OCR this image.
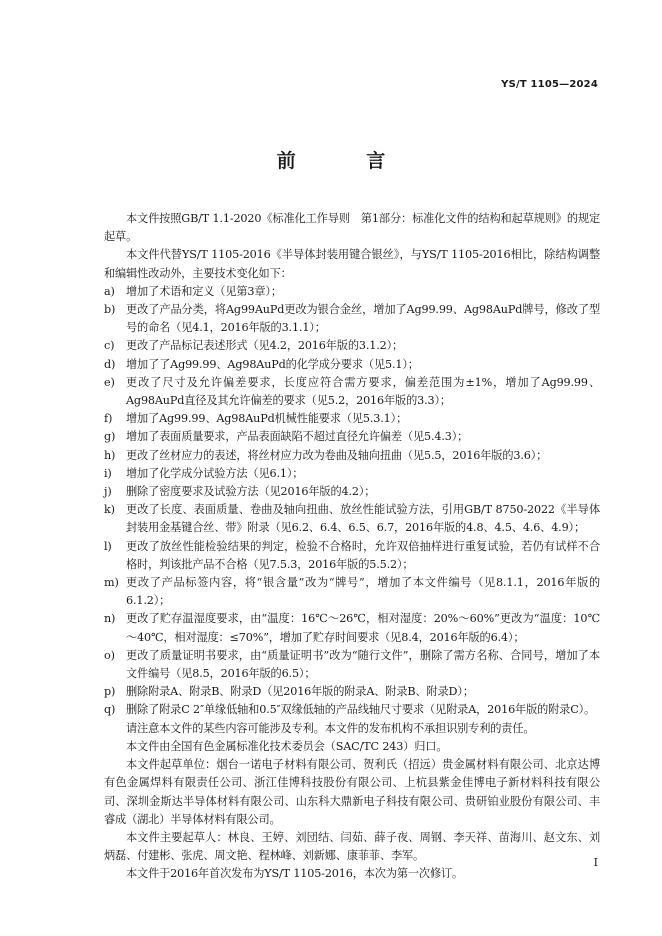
YS/T 1105—2024
前 言

本文件按照GB/T 1.1-2020《标准化工作导则　第1部分：标准化文件的结构和起草规则》的规定起草。

本文件代替YS/T 1105-2016《半导体封装用键合银丝》，与YS/T 1105-2016相比，除结构调整和编辑性改动外，主要技术变化如下：

a) 增加了术语和定义（见第3章）；
b) 更改了产品分类，将Ag99AuPd更改为银合金丝，增加了Ag99.99、Ag98AuPd牌号，修改了型号的命名（见4.1，2016年版的3.1.1）；
c) 更改了产品标记表述形式（见4.2，2016年版的3.1.2）；
d) 增加了了Ag99.99、Ag98AuPd的化学成分要求（见5.1）；
e) 更改了尺寸及允许偏差要求，长度应符合需方要求，偏差范围为±1%，增加了Ag99.99、Ag98AuPd直径及其允许偏差的要求（见5.2，2016年版的3.3）；
f) 增加了Ag99.99、Ag98AuPd机械性能要求（见5.3.1）；
g) 增加了表面质量要求，产品表面缺陷不超过直径允许偏差（见5.4.3）；
h) 更改了丝材应力的表述，将丝材应力改为卷曲及轴向扭曲（见5.5，2016年版的3.6）；
i) 增加了化学成分试验方法（见6.1）；
j) 删除了密度要求及试验方法（见2016年版的4.2）；
k) 更改了长度、表面质量、卷曲及轴向扭曲、放丝性能试验方法，引用GB/T 8750-2022《半导体封装用金基键合丝、带》附录（见6.2、6.4、6.5、6.7，2016年版的4.8、4.5、4.6、4.9）；
l) 更改了放丝性能检验结果的判定，检验不合格时，允许双倍抽样进行重复试验，若仍有试样不合格时，判该批产品不合格（见7.5.3，2016年版的5.5.2）；
m) 更改了产品标签内容，将“银含量”改为“牌号”，增加了本文件编号（见8.1.1，2016年版的6.1.2）；
n) 更改了贮存温湿度要求，由“温度：16℃～26℃，相对湿度：20%～60%”更改为“温度：10℃～40℃，相对湿度：≤70%”，增加了贮存时间要求（见8.4，2016年版的6.4）；
o) 更改了质量证明书要求，由“质量证明书”改为“随行文件”，删除了需方名称、合同号，增加了本文件编号（见8.5，2016年版的6.5）；
p) 删除附录A、附录B、附录D（见2016年版的附录A、附录B、附录D）；
q) 删除了附录C 2″单缘低轴和0.5″双缘低轴的产品线轴尺寸要求（见附录A，2016年版的附录C）。

请注意本文件的某些内容可能涉及专利。本文件的发布机构不承担识别专利的责任。

本文件由全国有色金属标准化技术委员会（SAC/TC 243）归口。

本文件起草单位：烟台一诺电子材料有限公司、贺利氏（招远）贵金属材料有限公司、北京达博有色金属焊料有限责任公司、浙江佳博科技股份有限公司、上杭县紫金佳博电子新材料科技有限公司、深圳金斯达半导体材料有限公司、山东科大鼎新电子科技有限公司、贵研铂业股份有限公司、丰睿成（湖北）半导体材料有限公司。

本文件主要起草人：林良、王婷、刘団结、闫茹、薛子夜、周钢、李天祥、苗海川、赵文东、刘炳磊、付建彬、张虎、周文艳、程林峰、刘新娜、康菲菲、李军。

本文件于2016年首次发布为YS/T 1105-2016，本次为第一次修订。

I
